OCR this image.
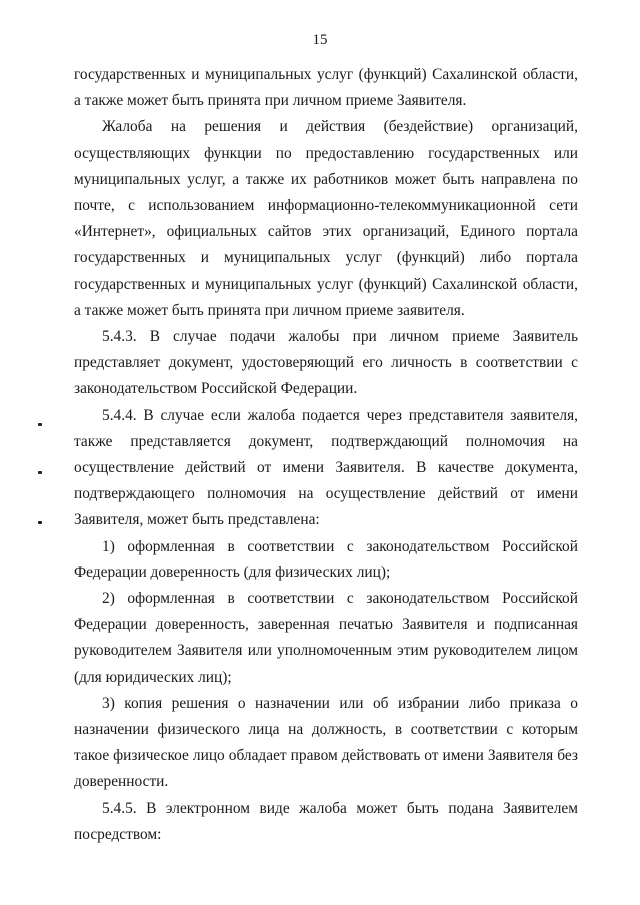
15

государственных и муниципальных услуг (функций) Сахалинской области, а также может быть принята при личном приеме Заявителя.

Жалоба на решения и действия (бездействие) организаций, осуществляющих функции по предоставлению государственных или муниципальных услуг, а также их работников может быть направлена по почте, с использованием информационно-телекоммуникационной сети «Интернет», официальных сайтов этих организаций, Единого портала государственных и муниципальных услуг (функций) либо портала государственных и муниципальных услуг (функций) Сахалинской области, а также может быть принята при личном приеме заявителя.

5.4.3. В случае подачи жалобы при личном приеме Заявитель представляет документ, удостоверяющий его личность в соответствии с законодательством Российской Федерации.

5.4.4. В случае если жалоба подается через представителя заявителя, также представляется документ, подтверждающий полномочия на осуществление действий от имени Заявителя. В качестве документа, подтверждающего полномочия на осуществление действий от имени Заявителя, может быть представлена:

1) оформленная в соответствии с законодательством Российской Федерации доверенность (для физических лиц);

2) оформленная в соответствии с законодательством Российской Федерации доверенность, заверенная печатью Заявителя и подписанная руководителем Заявителя или уполномоченным этим руководителем лицом (для юридических лиц);

3) копия решения о назначении или об избрании либо приказа о назначении физического лица на должность, в соответствии с которым такое физическое лицо обладает правом действовать от имени Заявителя без доверенности.

5.4.5. В электронном виде жалоба может быть подана Заявителем посредством:
